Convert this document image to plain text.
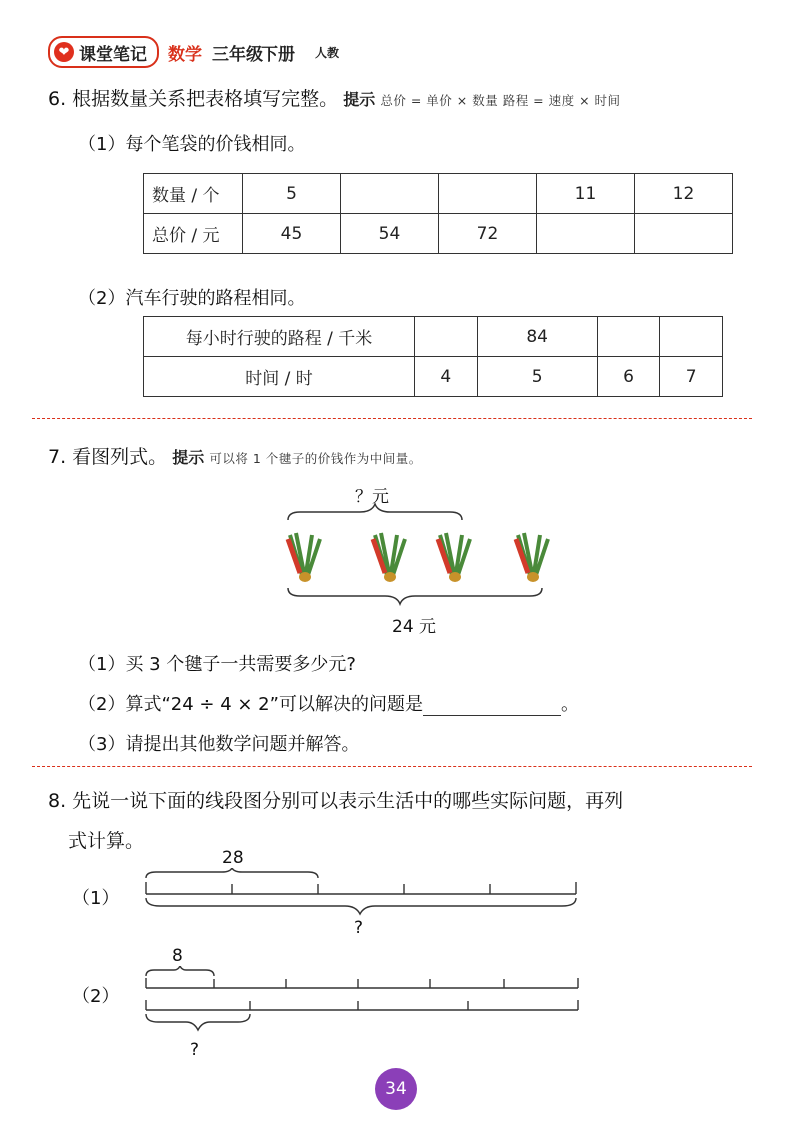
❤ 课堂笔记 数学 三年级
下册 人教
6. 根据数量关系把表格填写完整。 提示 总价 = 单价 × 数量 路程 = 速度 × 时间
（1）每个笔袋的价钱相同。
数量 / 个	5			11	12
总价 / 元	45	54	72		
（2）汽车行驶的路程相同。
每小时行驶的路程 / 千米		84		
时间 / 时	4	5	6	7
7. 看图列式。 提示 可以将 1 个毽子的价钱作为中间量。
？元
24 元
（1）买 3 个毽子一共需要多少元?
（2）算式“24 ÷ 4 × 2”可以解决的问题是	。
（3）请提出其他数学问题并解答。
8. 先说一说下面的线段图分别可以表示生活中的哪些实际问题，再列
式计算。
（1）
28
?
（2）
8
?
34
